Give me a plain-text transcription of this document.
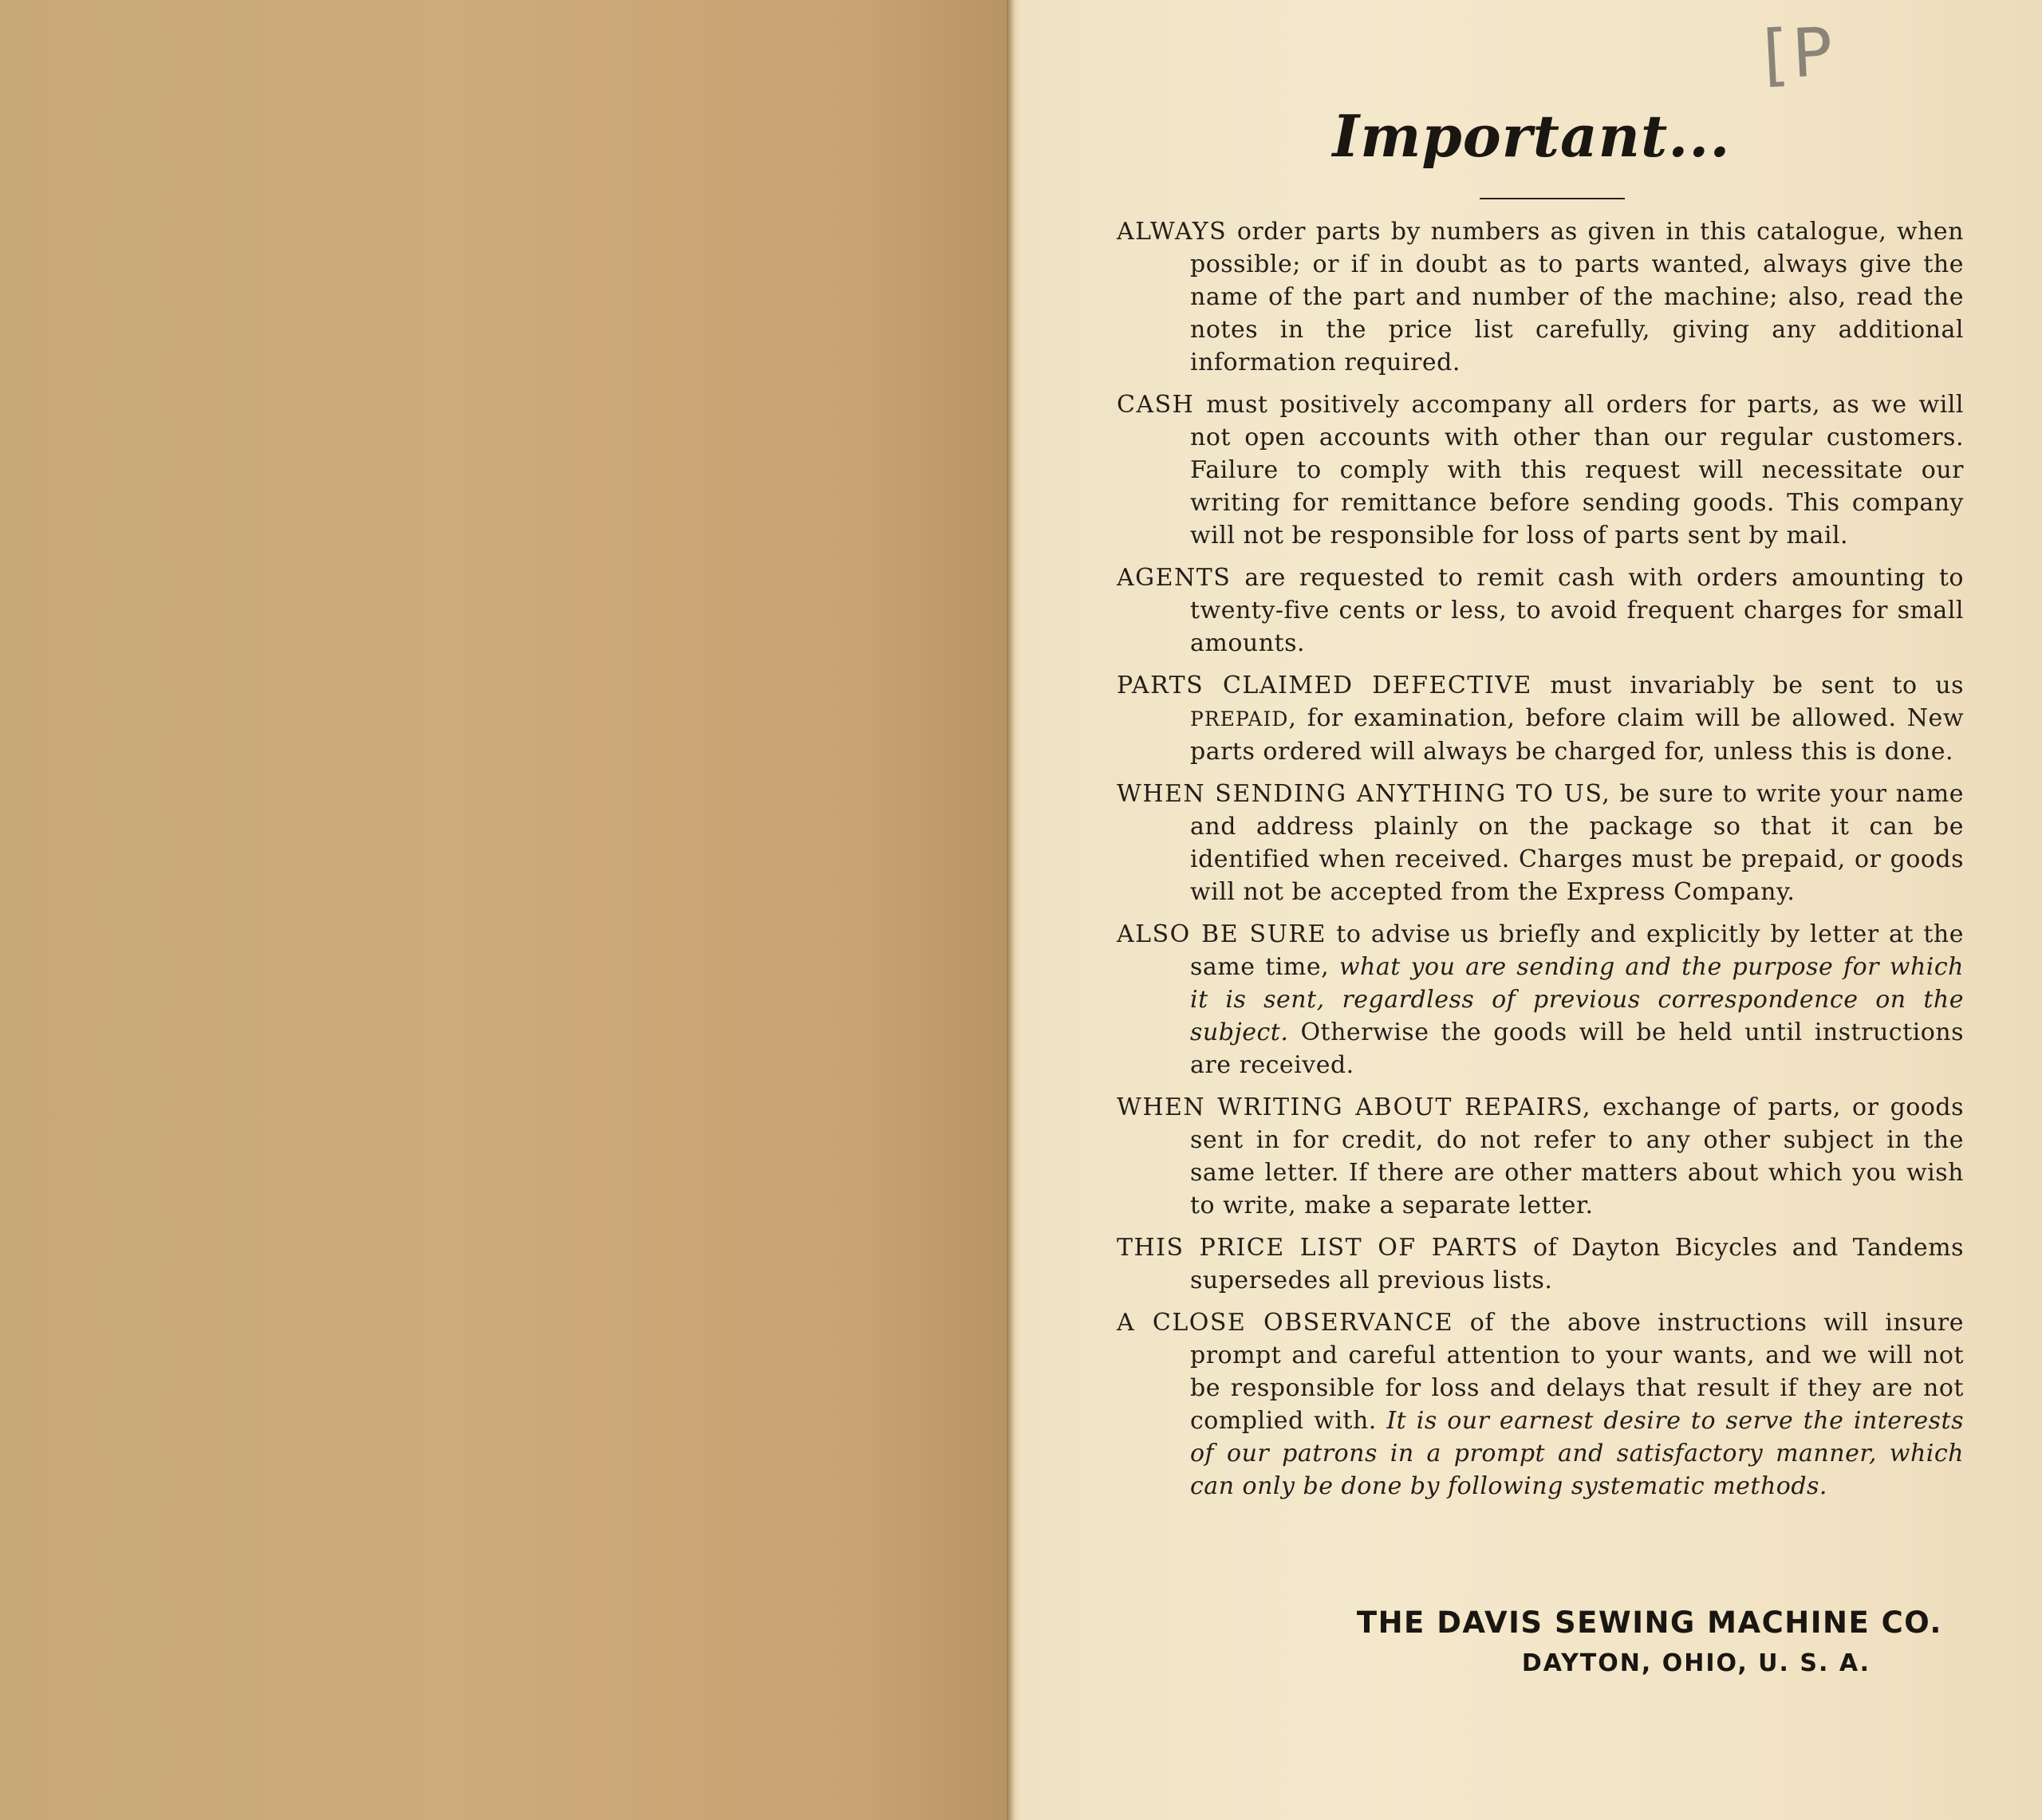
[P
Important...

ALWAYS order parts by numbers as given in this catalogue, when possible; or if in doubt as to parts wanted, always give the name of the part and number of the machine; also, read the notes in the price list carefully, giving any additional information required.

CASH must positively accompany all orders for parts, as we will not open accounts with other than our regular customers. Failure to comply with this request will necessitate our writing for remittance before sending goods. This company will not be responsible for loss of parts sent by mail.

AGENTS are requested to remit cash with orders amounting to twenty-five cents or less, to avoid frequent charges for small amounts.

PARTS CLAIMED DEFECTIVE must invariably be sent to us PREPAID, for examination, before claim will be allowed. New parts ordered will always be charged for, unless this is done.

WHEN SENDING ANYTHING TO US, be sure to write your name and address plainly on the package so that it can be identified when received. Charges must be prepaid, or goods will not be accepted from the Express Company.

ALSO BE SURE to advise us briefly and explicitly by letter at the same time, what you are sending and the purpose for which it is sent, regardless of previous correspondence on the subject. Otherwise the goods will be held until instructions are received.

WHEN WRITING ABOUT REPAIRS, exchange of parts, or goods sent in for credit, do not refer to any other subject in the same letter. If there are other matters about which you wish to write, make a separate letter.

THIS PRICE LIST OF PARTS of Dayton Bicycles and Tandems supersedes all previous lists.

A CLOSE OBSERVANCE of the above instructions will insure prompt and careful attention to your wants, and we will not be responsible for loss and delays that result if they are not complied with. It is our earnest desire to serve the interests of our patrons in a prompt and satisfactory manner, which can only be done by following systematic methods.

THE DAVIS SEWING MACHINE CO.
DAYTON, OHIO, U. S. A.
